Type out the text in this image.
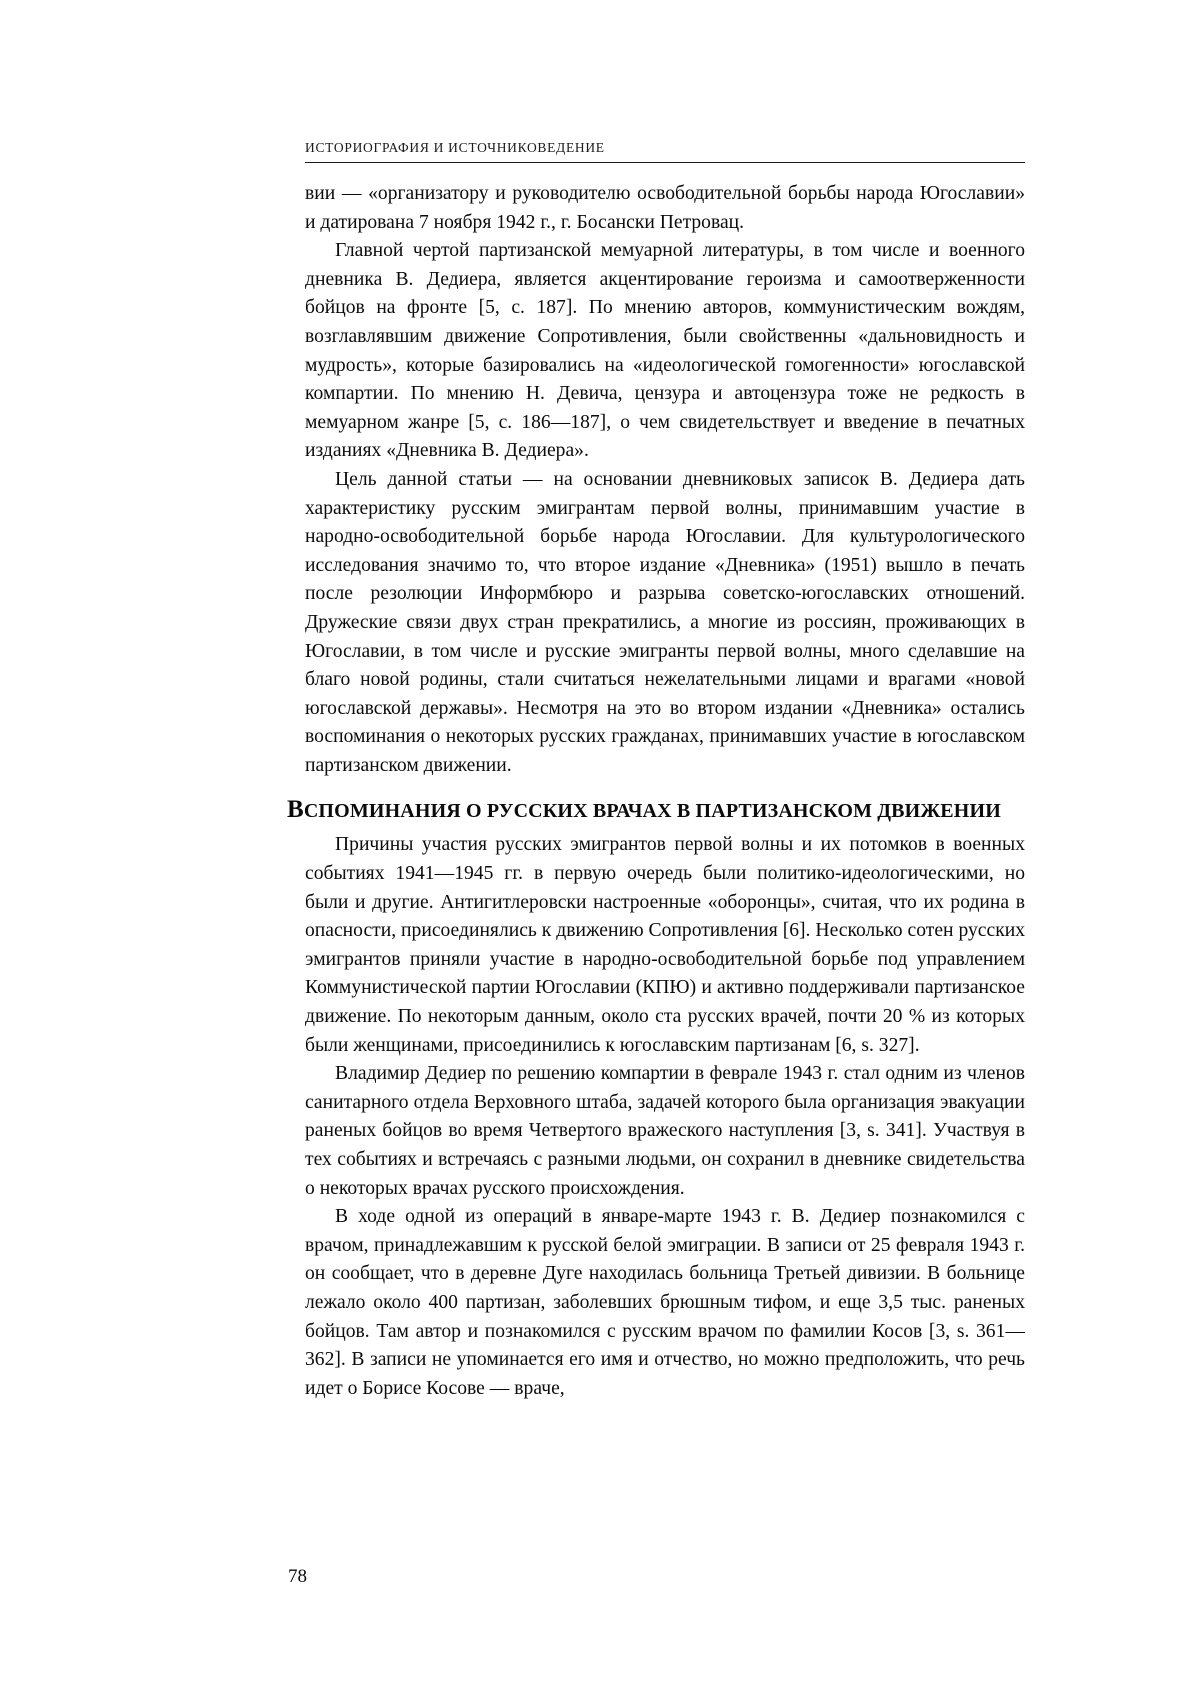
ИСТОРИОГРАФИЯ И ИСТОЧНИКОВЕДЕНИЕ

вии — «организатору и руководителю освободительной борьбы народа Югославии» и датирована 7 ноября 1942 г., г. Босански Петровац.

Главной чертой партизанской мемуарной литературы, в том числе и военного дневника В. Дедиера, является акцентирование героизма и самоотверженности бойцов на фронте [5, с. 187]. По мнению авторов, коммунистическим вождям, возглавлявшим движение Сопротивления, были свойственны «дальновидность и мудрость», которые базировались на «идеологической гомогенности» югославской компартии. По мнению Н. Девича, цензура и автоцензура тоже не редкость в мемуарном жанре [5, с. 186—187], о чем свидетельствует и введение в печатных изданиях «Дневника В. Дедиера».

Цель данной статьи — на основании дневниковых записок В. Дедиера дать характеристику русским эмигрантам первой волны, принимавшим участие в народно-освободительной борьбе народа Югославии. Для культурологического исследования значимо то, что второе издание «Дневника» (1951) вышло в печать после резолюции Информбюро и разрыва советско-югославских отношений. Дружеские связи двух стран прекратились, а многие из россиян, проживающих в Югославии, в том числе и русские эмигранты первой волны, много сделавшие на благо новой родины, стали считаться нежелательными лицами и врагами «новой югославской державы». Несмотря на это во втором издании «Дневника» остались воспоминания о некоторых русских гражданах, принимавших участие в югославском партизанском движении.

ВСПОМИНАНИЯ О РУССКИХ ВРАЧАХ В ПАРТИЗАНСКОМ ДВИЖЕНИИ

Причины участия русских эмигрантов первой волны и их потомков в военных событиях 1941—1945 гг. в первую очередь были политико-идеологическими, но были и другие. Антигитлеровски настроенные «оборонцы», считая, что их родина в опасности, присоединялись к движению Сопротивления [6]. Несколько сотен русских эмигрантов приняли участие в народно-освободительной борьбе под управлением Коммунистической партии Югославии (КПЮ) и активно поддерживали партизанское движение. По некоторым данным, около ста русских врачей, почти 20 % из которых были женщинами, присоединились к югославским партизанам [6, s. 327].

Владимир Дедиер по решению компартии в феврале 1943 г. стал одним из членов санитарного отдела Верховного штаба, задачей которого была организация эвакуации раненых бойцов во время Четвертого вражеского наступления [3, s. 341]. Участвуя в тех событиях и встречаясь с разными людьми, он сохранил в дневнике свидетельства о некоторых врачах русского происхождения.

В ходе одной из операций в январе-марте 1943 г. В. Дедиер познакомился с врачом, принадлежавшим к русской белой эмиграции. В записи от 25 февраля 1943 г. он сообщает, что в деревне Дуге находилась больница Третьей дивизии. В больнице лежало около 400 партизан, заболевших брюшным тифом, и еще 3,5 тыс. раненых бойцов. Там автор и познакомился с русским врачом по фамилии Косов [3, s. 361—362]. В записи не упоминается его имя и отчество, но можно предположить, что речь идет о Борисе Косове — враче,

78
